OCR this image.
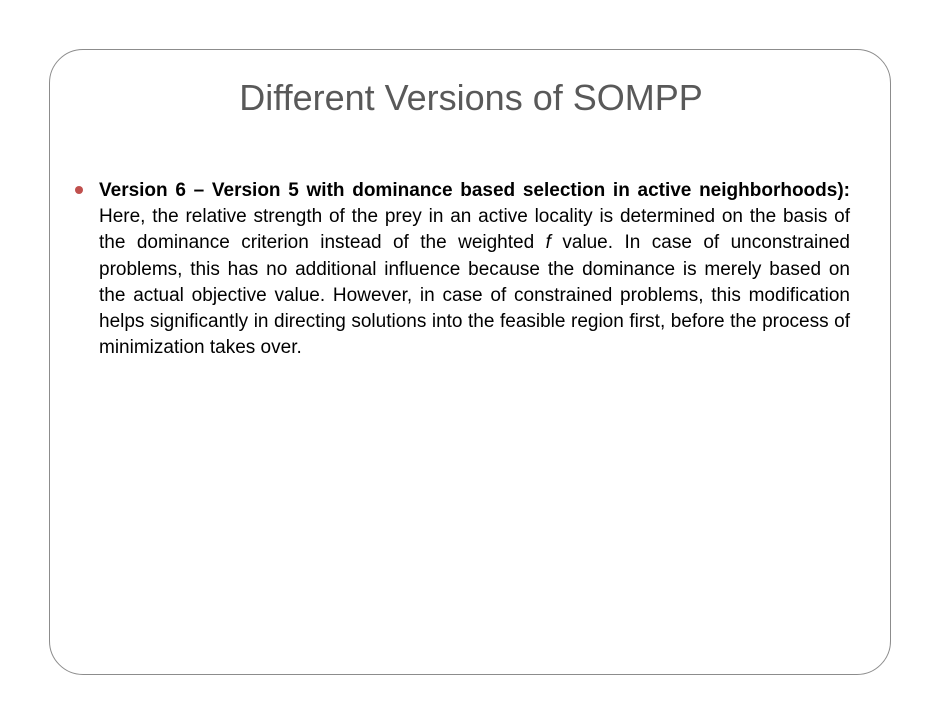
Different Versions of SOMPP

Version 6 – Version 5 with dominance based selection in active neighborhoods): Here, the relative strength of the prey in an active locality is determined on the basis of the dominance criterion instead of the weighted f value. In case of unconstrained problems, this has no additional influence because the dominance is merely based on the actual objective value. However, in case of constrained problems, this modification helps significantly in directing solutions into the feasible region first, before the process of minimization takes over.
